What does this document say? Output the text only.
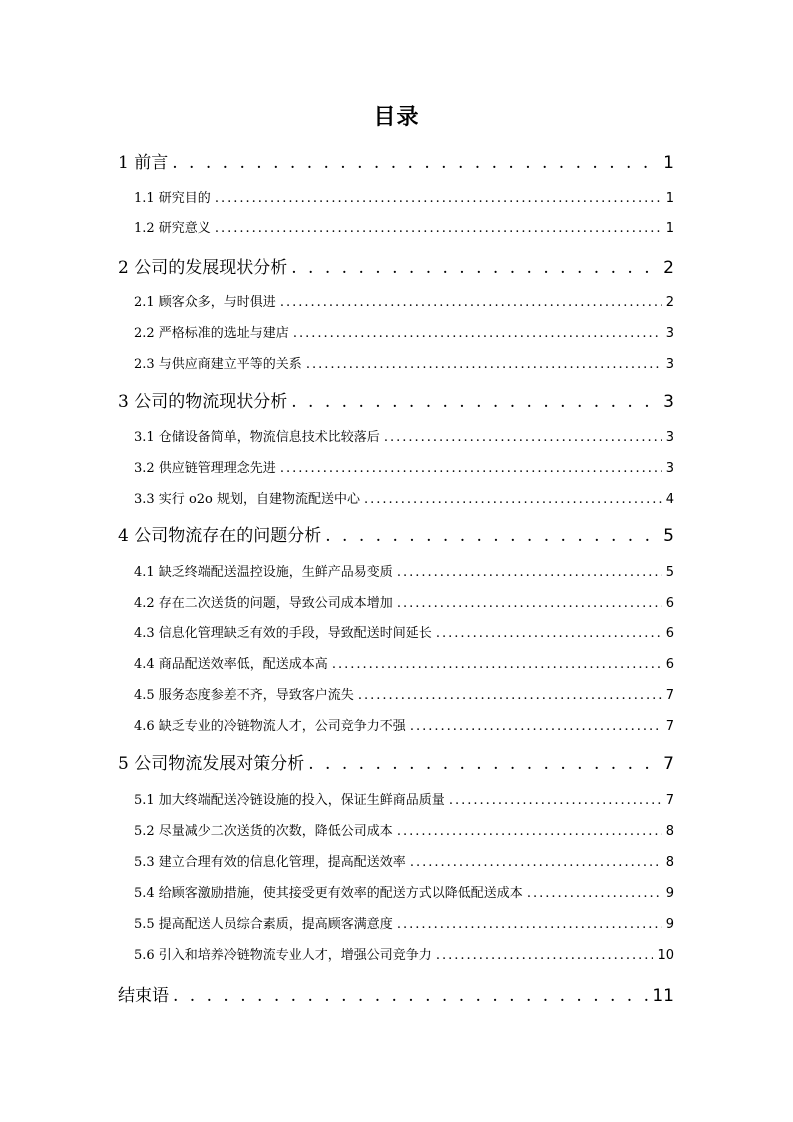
目录
1 前言 . . .	1
1.1 研究目的 .....	1
1.2 研究意义 .....	1
2 公司的发展现状分析 . . .	2
2.1 顾客众多，与时俱进 .....	2
2.2 严格标准的选址与建店 .....	3
2.3 与供应商建立平等的关系 .....	3
3 公司的物流现状分析 . . .	3
3.1 仓储设备简单，物流信息技术比较落后 .....	3
3.2 供应链管理理念先进 .....	3
3.3 实行 o2o 规划，自建物流配送中心 .....	4
4 公司物流存在的问题分析 . . .	5
4.1 缺乏终端配送温控设施，生鲜产品易变质 .....	5
4.2 存在二次送货的问题，导致公司成本增加 .....	6
4.3 信息化管理缺乏有效的手段，导致配送时间延长 .....	6
4.4 商品配送效率低，配送成本高 .....	6
4.5 服务态度参差不齐，导致客户流失 .....	7
4.6 缺乏专业的冷链物流人才，公司竞争力不强 .....	7
5 公司物流发展对策分析 . . .	7
5.1 加大终端配送冷链设施的投入，保证生鲜商品质量 .....	7
5.2 尽量减少二次送货的次数，降低公司成本 .....	8
5.3 建立合理有效的信息化管理，提高配送效率 .....	8
5.4 给顾客激励措施，使其接受更有效率的配送方式以降低配送成本 .....	9
5.5 提高配送人员综合素质，提高顾客满意度 .....	9
5.6 引入和培养冷链物流专业人才，增强公司竞争力 .....	10
结束语 . . .	11
